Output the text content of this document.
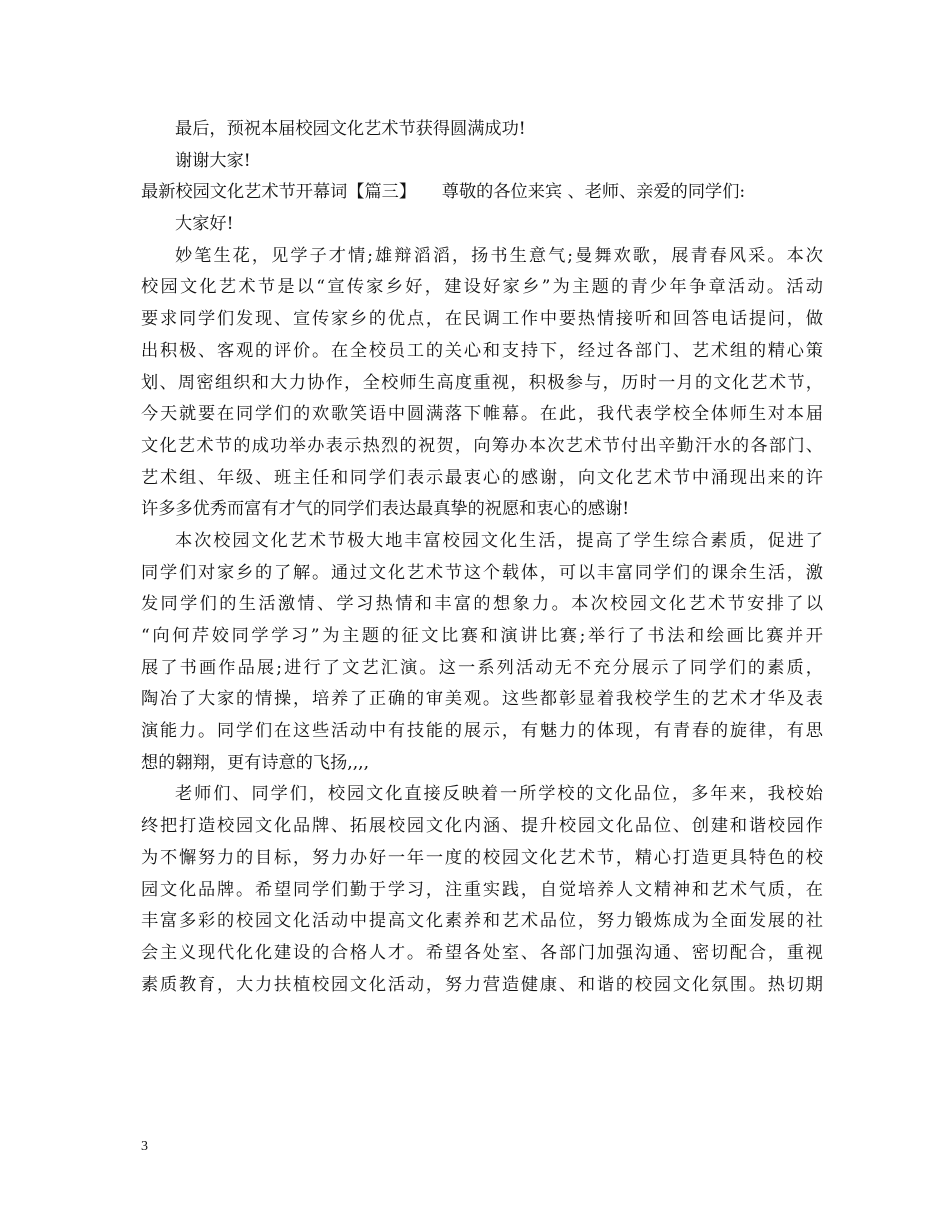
最后，预祝本届校园文化艺术节获得圆满成功!
谢谢大家!
最新校园文化艺术节开幕词【篇三】　　尊敬的各位来宾 、老师、亲爱的同学们:
大家好!
妙笔生花，见学子才情;雄辩滔滔，扬书生意气;曼舞欢歌，展青春风采。本次
校园文化艺术节是以“宣传家乡好，建设好家乡”为主题的青少年争章活动。活动
要求同学们发现、宣传家乡的优点，在民调工作中要热情接听和回答电话提问，做
出积极、客观的评价。在全校员工的关心和支持下，经过各部门、艺术组的精心策
划、周密组织和大力协作，全校师生高度重视，积极参与，历时一月的文化艺术节，
今天就要在同学们的欢歌笑语中圆满落下帷幕。在此，我代表学校全体师生对本届
文化艺术节的成功举办表示热烈的祝贺，向筹办本次艺术节付出辛勤汗水的各部门、
艺术组、年级、班主任和同学们表示最衷心的感谢，向文化艺术节中涌现出来的许
许多多优秀而富有才气的同学们表达最真挚的祝愿和衷心的感谢!
本次校园文化艺术节极大地丰富校园文化生活，提高了学生综合素质，促进了
同学们对家乡的了解。通过文化艺术节这个载体，可以丰富同学们的课余生活，激
发同学们的生活激情、学习热情和丰富的想象力。本次校园文化艺术节安排了以
“向何芹姣同学学习”为主题的征文比赛和演讲比赛;举行了书法和绘画比赛并开
展了书画作品展;进行了文艺汇演。这一系列活动无不充分展示了同学们的素质，
陶冶了大家的情操，培养了正确的审美观。这些都彰显着我校学生的艺术才华及表
演能力。同学们在这些活动中有技能的展示，有魅力的体现，有青春的旋律，有思
想的翱翔，更有诗意的飞扬,,,,
老师们、同学们，校园文化直接反映着一所学校的文化品位，多年来，我校始
终把打造校园文化品牌、拓展校园文化内涵、提升校园文化品位、创建和谐校园作
为不懈努力的目标，努力办好一年一度的校园文化艺术节，精心打造更具特色的校
园文化品牌。希望同学们勤于学习，注重实践，自觉培养人文精神和艺术气质，在
丰富多彩的校园文化活动中提高文化素养和艺术品位，努力锻炼成为全面发展的社
会主义现代化化建设的合格人才。希望各处室、各部门加强沟通、密切配合，重视
素质教育，大力扶植校园文化活动，努力营造健康、和谐的校园文化氛围。热切期
3
